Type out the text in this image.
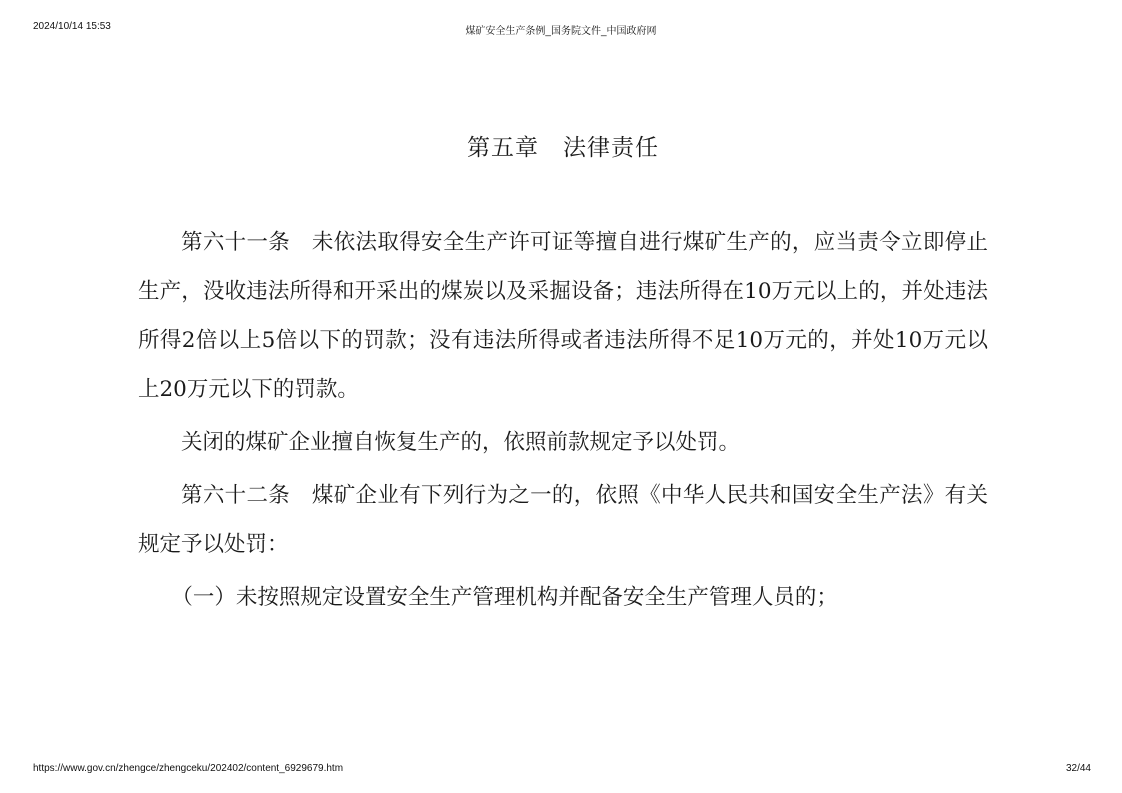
2024/10/14 15:53	煤矿安全生产条例_国务院文件_中国政府网
第五章　法律责任

第六十一条　未依法取得安全生产许可证等擅自进行煤矿生产的，应当责令立即停止生产，没收违法所得和开采出的煤炭以及采掘设备；违法所得在10万元以上的，并处违法所得2倍以上5倍以下的罚款；没有违法所得或者违法所得不足10万元的，并处10万元以上20万元以下的罚款。

关闭的煤矿企业擅自恢复生产的，依照前款规定予以处罚。

第六十二条　煤矿企业有下列行为之一的，依照《中华人民共和国安全生产法》有关规定予以处罚：

（一）未按照规定设置安全生产管理机构并配备安全生产管理人员的；

https://www.gov.cn/zhengce/zhengceku/202402/content_6929679.htm	32/44
